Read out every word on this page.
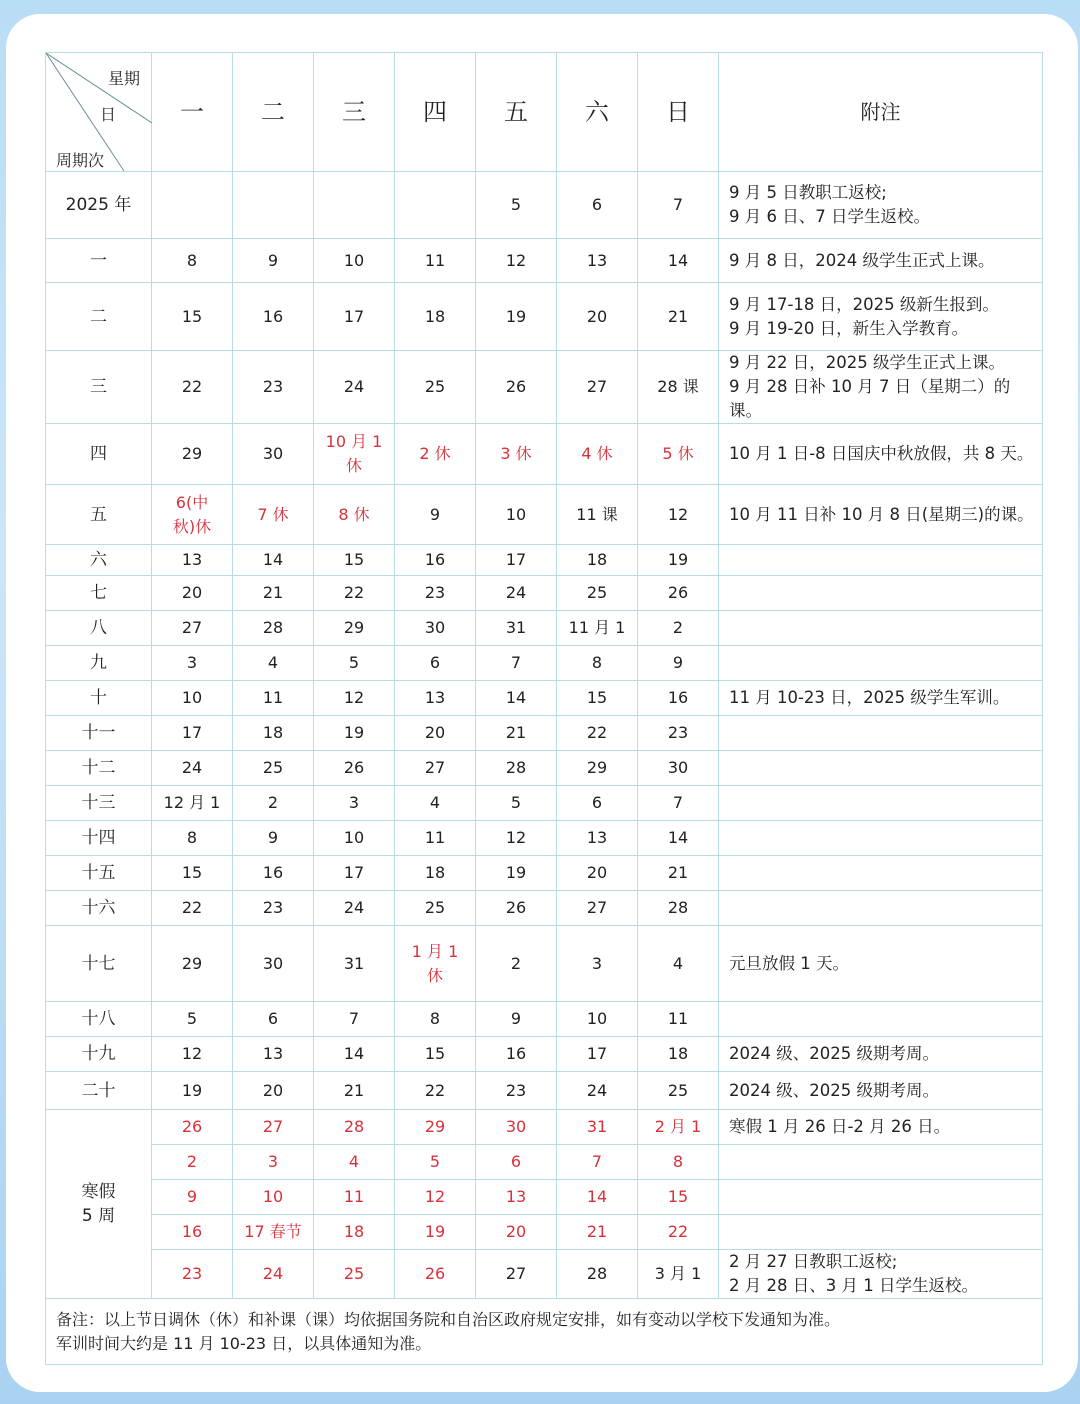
星期
日
周期次	一	二	三	四	五	六	日	附注
2025 年					5	6	7	9 月 5 日教职工返校;
9 月 6 日、7 日学生返校。

一	8	9	10	11	12	13	14	9 月 8 日，2024 级学生正式上课。

二	15	16	17	18	19	20	21	9 月 17-18 日，2025 级新生报到。
9 月 19-20 日，新生入学教育。

三	22	23	24	25	26	27	28 课	9 月 22 日，2025 级学生正式上课。
9 月 28 日补 10 月 7 日（星期二）的课。

四	29	30	10 月 1
休	2 休	3 休	4 休	5 休	10 月 1 日-8 日国庆中秋放假，共 8 天。

五	6(中
秋)休	7 休	8 休	9	10	11 课	12	10 月 11 日补 10 月 8 日(星期三)的课。

六	13	14	15	16	17	18	19	
七	20	21	22	23	24	25	26	
八	27	28	29	30	31	11 月 1	2	
九	3	4	5	6	7	8	9	
十	10	11	12	13	14	15	16	11 月 10-23 日，2025 级学生军训。

十一	17	18	19	20	21	22	23	
十二	24	25	26	27	28	29	30	
十三	12 月 1	2	3	4	5	6	7	
十四	8	9	10	11	12	13	14	
十五	15	16	17	18	19	20	21	
十六	22	23	24	25	26	27	28	
十七	29	30	31	1 月 1
休	2	3	4	元旦放假 1 天。

十八	5	6	7	8	9	10	11	
十九	12	13	14	15	16	17	18	2024 级、2025 级期考周。

二十	19	20	21	22	23	24	25	2024 级、2025 级期考周。

寒假
5 周	26	27	28	29	30	31	2 月 1	寒假 1 月 26 日-2 月 26 日。

	2	3	4	5	6	7	8	
	9	10	11	12	13	14	15	
	16	17 春节	18	19	20	21	22	
	23	24	25	26	27	28	3 月 1	2 月 27 日教职工返校;
2 月 28 日、3 月 1 日学生返校。

备注：以上节日调休（休）和补课（课）均依据国务院和自治区政府规定安排，如有变动以学校下发通知为准。
军训时间大约是 11 月 10-23 日，以具体通知为准。								
